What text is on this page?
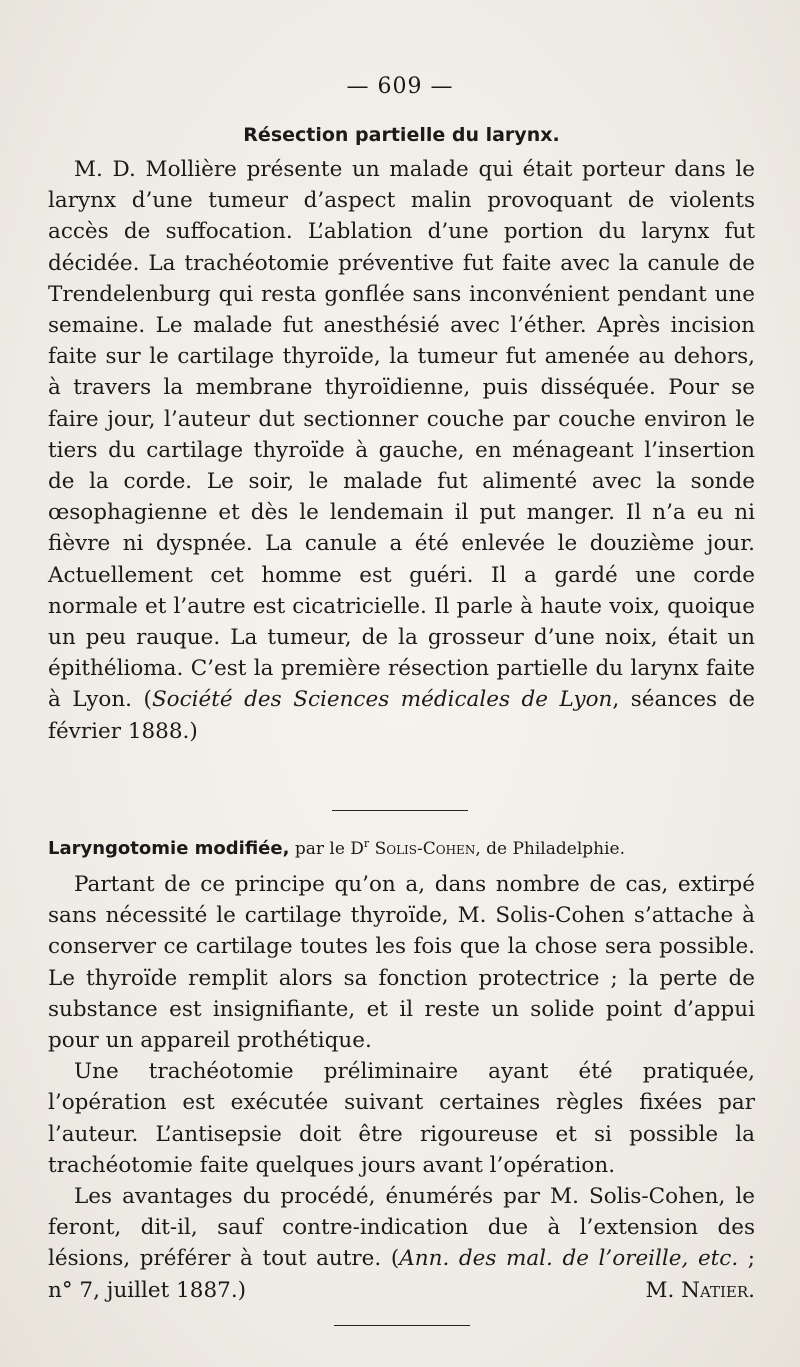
— 609 —
Résection partielle du larynx.

M. D. Mollière présente un malade qui était porteur dans le larynx d’une tumeur d’aspect malin provoquant de violents accès de suffocation. L’ablation d’une portion du larynx fut décidée. La trachéotomie préventive fut faite avec la canule de Trendelenburg qui resta gonflée sans inconvénient pendant une semaine. Le malade fut anesthésié avec l’éther. Après incision faite sur le cartilage thyroïde, la tumeur fut amenée au dehors, à travers la membrane thyroïdienne, puis disséquée. Pour se faire jour, l’auteur dut sectionner couche par couche environ le tiers du cartilage thyroïde à gauche, en ménageant l’insertion de la corde. Le soir, le malade fut alimenté avec la sonde œsophagienne et dès le lendemain il put manger. Il n’a eu ni fièvre ni dyspnée. La canule a été enlevée le douzième jour. Actuellement cet homme est guéri. Il a gardé une corde normale et l’autre est cicatricielle. Il parle à haute voix, quoique un peu rauque. La tumeur, de la grosseur d’une noix, était un épithélioma. C’est la première résection partielle du larynx faite à Lyon. (Société des Sciences médicales de Lyon, séances de février 1888.)

Laryngotomie modifiée, par le $D^r$ Solis-Cohen, de Philadelphie.

Partant de ce principe qu’on a, dans nombre de cas, extirpé sans nécessité le cartilage thyroïde, M. Solis-Cohen s’attache à conserver ce cartilage toutes les fois que la chose sera possible. Le thyroïde remplit alors sa fonction protectrice ; la perte de substance est insignifiante, et il reste un solide point d’appui pour un appareil prothétique.

Une trachéotomie préliminaire ayant été pratiquée, l’opération est exécutée suivant certaines règles fixées par l’auteur. L’antisepsie doit être rigoureuse et si possible la trachéotomie faite quelques jours avant l’opération.

Les avantages du procédé, énumérés par M. Solis-Cohen, le feront, dit-il, sauf contre-indication due à l’extension des lésions, préférer à tout autre. (Ann. des mal. de l’oreille, etc. ; n° 7, juillet 1887.)	M. Natier.
